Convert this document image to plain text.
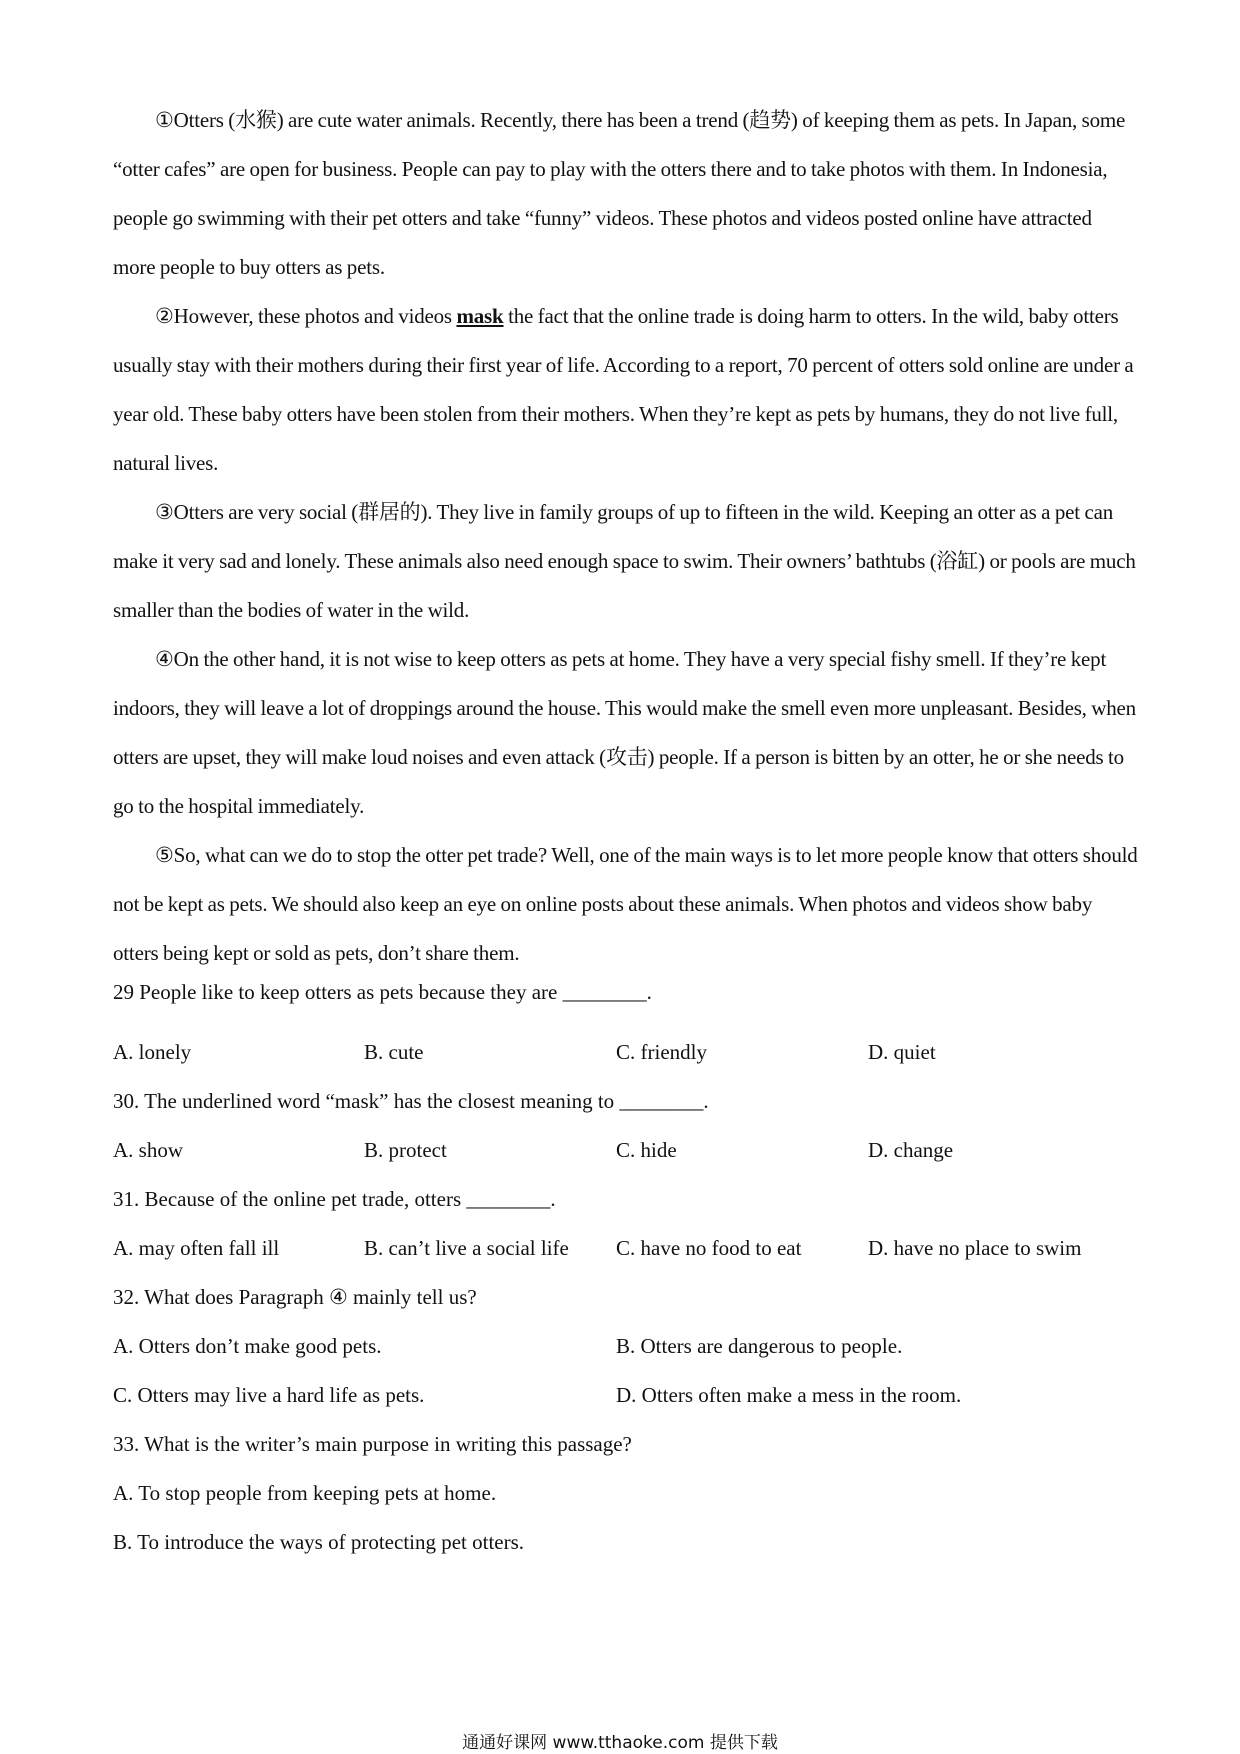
①Otters (水猴) are cute water animals. Recently, there has been a trend (趋势) of keeping them as pets. In Japan, some “otter cafes” are open for business. People can pay to play with the otters there and to take photos with them. In Indonesia, people go swimming with their pet otters and take “funny” videos. These photos and videos posted online have attracted more people to buy otters as pets.

②However, these photos and videos mask the fact that the online trade is doing harm to otters. In the wild, baby otters usually stay with their mothers during their first year of life. According to a report, 70 percent of otters sold online are under a year old. These baby otters have been stolen from their mothers. When they’re kept as pets by humans, they do not live full, natural lives.

③Otters are very social (群居的). They live in family groups of up to fifteen in the wild. Keeping an otter as a pet can make it very sad and lonely. These animals also need enough space to swim. Their owners’ bathtubs (浴缸) or pools are much smaller than the bodies of water in the wild.

④On the other hand, it is not wise to keep otters as pets at home. They have a very special fishy smell. If they’re kept indoors, they will leave a lot of droppings around the house. This would make the smell even more unpleasant. Besides, when otters are upset, they will make loud noises and even attack (攻击) people. If a person is bitten by an otter, he or she needs to go to the hospital immediately.

⑤So, what can we do to stop the otter pet trade? Well, one of the main ways is to let more people know that otters should not be kept as pets. We should also keep an eye on online posts about these animals. When photos and videos show baby otters being kept or sold as pets, don’t share them.

29 People like to keep otters as pets because they are ________.
A. lonely	B. cute	C. friendly	D. quiet
30. The underlined word “mask” has the closest meaning to ________.
A. show	B. protect	C. hide	D. change
31. Because of the online pet trade, otters ________.
A. may often fall ill	B. can’t live a social life C. have no food to eat	D. have no place to swim
32. What does Paragraph ④ mainly tell us?
A. Otters don’t make good pets.	B. Otters are dangerous to people.
C. Otters may live a hard life as pets.	D. Otters often make a mess in the room.
33. What is the writer’s main purpose in writing this passage?
A. To stop people from keeping pets at home.
B. To introduce the ways of protecting pet otters.
通通好课网 www.tthaoke.com 提供下载
